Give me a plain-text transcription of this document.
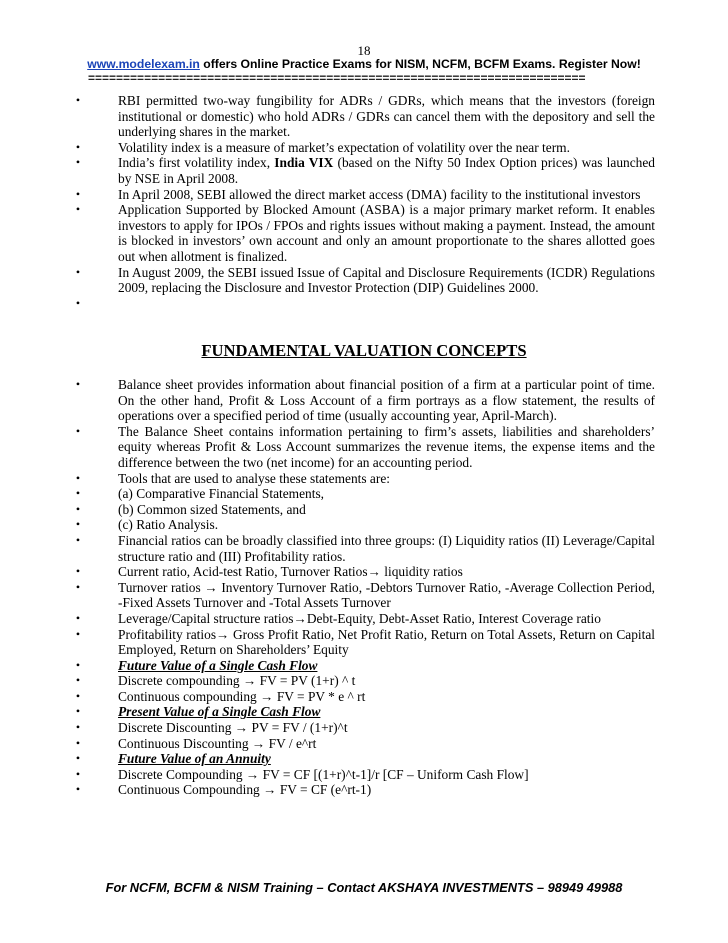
18
www.modelexam.in offers Online Practice Exams for NISM, NCFM, BCFM Exams. Register Now!
=======================================================================
•	RBI permitted two-way fungibility for ADRs / GDRs, which means that the investors (foreign institutional or domestic) who hold ADRs / GDRs can cancel them with the depository and sell the underlying shares in the market.
•	Volatility index is a measure of market’s expectation of volatility over the near term.
•	India’s first volatility index, India VIX (based on the Nifty 50 Index Option prices) was launched by NSE in April 2008.
•	In April 2008, SEBI allowed the direct market access (DMA) facility to the institutional investors
•	Application Supported by Blocked Amount (ASBA) is a major primary market reform. It enables investors to apply for IPOs / FPOs and rights issues without making a payment. Instead, the amount is blocked in investors’ own account and only an amount proportionate to the shares allotted goes out when allotment is finalized.
•	In August 2009, the SEBI issued Issue of Capital and Disclosure Requirements (ICDR) Regulations 2009, replacing the Disclosure and Investor Protection (DIP) Guidelines 2000.
•

FUNDAMENTAL VALUATION CONCEPTS
•	Balance sheet provides information about financial position of a firm at a particular point of time. On the other hand, Profit & Loss Account of a firm portrays as a flow statement, the results of operations over a specified period of time (usually accounting year, April-March).
•	The Balance Sheet contains information pertaining to firm’s assets, liabilities and shareholders’ equity whereas Profit & Loss Account summarizes the revenue items, the expense items and the difference between the two (net income) for an accounting period.
•	Tools that are used to analyse these statements are:
•	(a) Comparative Financial Statements,
•	(b) Common sized Statements, and
•	(c) Ratio Analysis.
•	Financial ratios can be broadly classified into three groups: (I) Liquidity ratios (II) Leverage/Capital structure ratio and (III) Profitability ratios.
•	Current ratio, Acid-test Ratio, Turnover Ratios→ liquidity ratios
•	Turnover ratios → Inventory Turnover Ratio, -Debtors Turnover Ratio, -Average Collection Period, -Fixed Assets Turnover and -Total Assets Turnover
•	Leverage/Capital structure ratios→Debt-Equity, Debt-Asset Ratio, Interest Coverage ratio
•	Profitability ratios→ Gross Profit Ratio, Net Profit Ratio, Return on Total Assets, Return on Capital Employed, Return on Shareholders’ Equity
•	Future Value of a Single Cash Flow
•	Discrete compounding → FV = PV (1+r) ^ t
•	Continuous compounding → FV = PV * e ^ rt
•	Present Value of a Single Cash Flow
•	Discrete Discounting → PV = FV / (1+r)^t
•	Continuous Discounting → FV / e^rt
•	Future Value of an Annuity
•	Discrete Compounding → FV = CF [(1+r)^t-1]/r [CF – Uniform Cash Flow]
•	Continuous Compounding → FV = CF (e^rt-1)
For NCFM, BCFM & NISM Training – Contact AKSHAYA INVESTMENTS – 98949 49988
